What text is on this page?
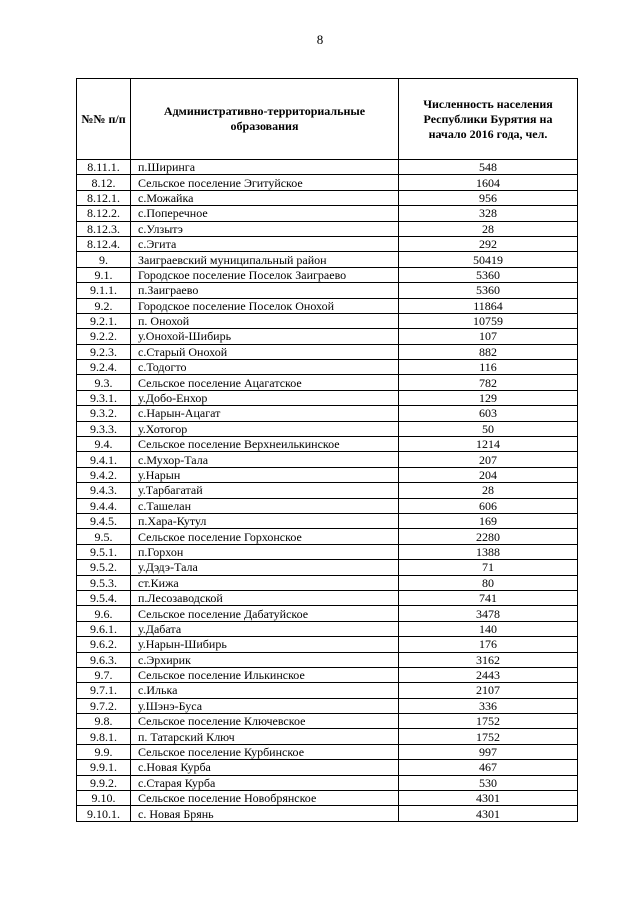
8
№№ п/п	Административно-территориальные образования	Численность населения Республики Бурятия на начало 2016 года, чел.
8.11.1.	п.Ширинга	548
8.12.	Сельское поселение Эгитуйское	1604
8.12.1.	с.Можайка	956
8.12.2.	с.Поперечное	328
8.12.3.	с.Улзытэ	28
8.12.4.	с.Эгита	292
9.	Заиграевский муниципальный район	50419
9.1.	Городское поселение Поселок Заиграево	5360
9.1.1.	п.Заиграево	5360
9.2.	Городское поселение Поселок Онохой	11864
9.2.1.	п. Онохой	10759
9.2.2.	у.Онохой-Шибирь	107
9.2.3.	с.Старый Онохой	882
9.2.4.	с.Тодогто	116
9.3.	Сельское поселение Ацагатское	782
9.3.1.	у.Добо-Енхор	129
9.3.2.	с.Нарын-Ацагат	603
9.3.3.	у.Хотогор	50
9.4.	Сельское поселение Верхнеилькинское	1214
9.4.1.	с.Мухор-Тала	207
9.4.2.	у.Нарын	204
9.4.3.	у.Тарбагатай	28
9.4.4.	с.Ташелан	606
9.4.5.	п.Хара-Кутул	169
9.5.	Сельское поселение Горхонское	2280
9.5.1.	п.Горхон	1388
9.5.2.	у.Дэдэ-Тала	71
9.5.3.	ст.Кижа	80
9.5.4.	п.Лесозаводской	741
9.6.	Сельское поселение Дабатуйское	3478
9.6.1.	у.Дабата	140
9.6.2.	у.Нарын-Шибирь	176
9.6.3.	с.Эрхирик	3162
9.7.	Сельское поселение Илькинское	2443
9.7.1.	с.Илька	2107
9.7.2.	у.Шэнэ-Буса	336
9.8.	Сельское поселение Ключевское	1752
9.8.1.	п. Татарский Ключ	1752
9.9.	Сельское поселение Курбинское	997
9.9.1.	с.Новая Курба	467
9.9.2.	с.Старая Курба	530
9.10.	Сельское поселение Новобрянское	4301
9.10.1.	с. Новая Брянь	4301
